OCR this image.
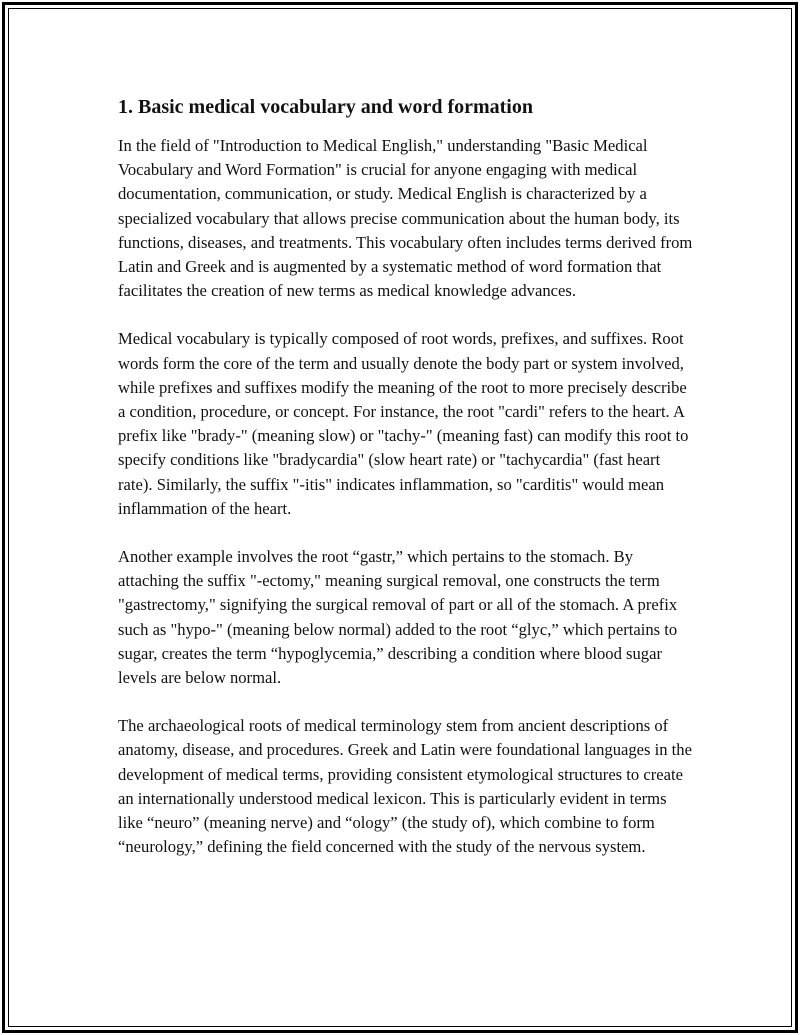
1. Basic medical vocabulary and word formation

In the field of "Introduction to Medical English," understanding "Basic Medical Vocabulary and Word Formation" is crucial for anyone engaging with medical documentation, communication, or study. Medical English is characterized by a specialized vocabulary that allows precise communication about the human body, its functions, diseases, and treatments. This vocabulary often includes terms derived from Latin and Greek and is augmented by a systematic method of word formation that facilitates the creation of new terms as medical knowledge advances.

Medical vocabulary is typically composed of root words, prefixes, and suffixes. Root words form the core of the term and usually denote the body part or system involved, while prefixes and suffixes modify the meaning of the root to more precisely describe a condition, procedure, or concept. For instance, the root "cardi" refers to the heart. A prefix like "brady-" (meaning slow) or "tachy-" (meaning fast) can modify this root to specify conditions like "bradycardia" (slow heart rate) or "tachycardia" (fast heart rate). Similarly, the suffix "-itis" indicates inflammation, so "carditis" would mean inflammation of the heart.

Another example involves the root “gastr,” which pertains to the stomach. By attaching the suffix "-ectomy," meaning surgical removal, one constructs the term "gastrectomy," signifying the surgical removal of part or all of the stomach. A prefix such as "hypo-" (meaning below normal) added to the root “glyc,” which pertains to sugar, creates the term “hypoglycemia,” describing a condition where blood sugar levels are below normal.

The archaeological roots of medical terminology stem from ancient descriptions of anatomy, disease, and procedures. Greek and Latin were foundational languages in the development of medical terms, providing consistent etymological structures to create an internationally understood medical lexicon. This is particularly evident in terms like “neuro” (meaning nerve) and “ology” (the study of), which combine to form “neurology,” defining the field concerned with the study of the nervous system.
